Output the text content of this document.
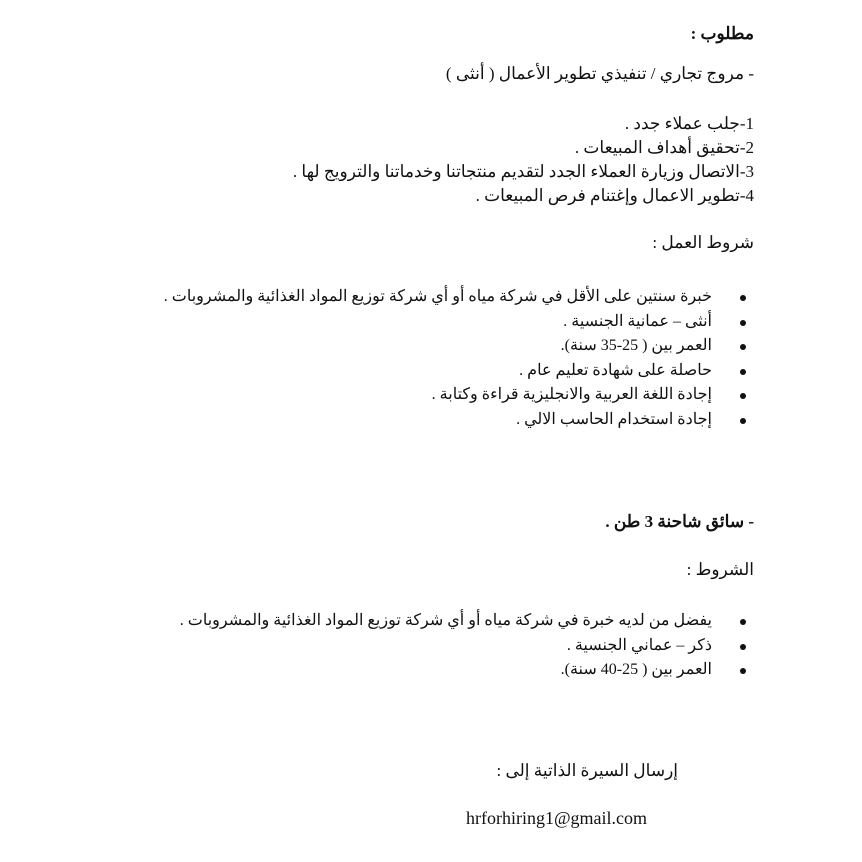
مطلوب :
- مروج تجاري / تنفيذي تطوير الأعمال ( أنثى )
1-جلب عملاء جدد .
2-تحقيق أهداف المبيعات .
3-الاتصال وزيارة العملاء الجدد لتقديم منتجاتنا وخدماتنا والترويج لها .
4-تطوير الاعمال وإغتنام فرص المبيعات .
شروط العمل :
خبرة سنتين على الأقل في شركة مياه أو أي شركة توزيع المواد الغذائية والمشروبات .
أنثى – عمانية الجنسية .
العمر بين ( 25-35 سنة).
حاصلة على شهادة تعليم عام .
إجادة اللغة العربية والانجليزية قراءة وكتابة .
إجادة استخدام الحاسب الالي .
- سائق شاحنة 3 طن .
الشروط :
يفضل من لديه خبرة في شركة مياه أو أي شركة توزيع المواد الغذائية والمشروبات .
ذكر – عماني الجنسية .
العمر بين ( 25-40 سنة).
إرسال السيرة الذاتية إلى :
hrforhiring1@gmail.com
